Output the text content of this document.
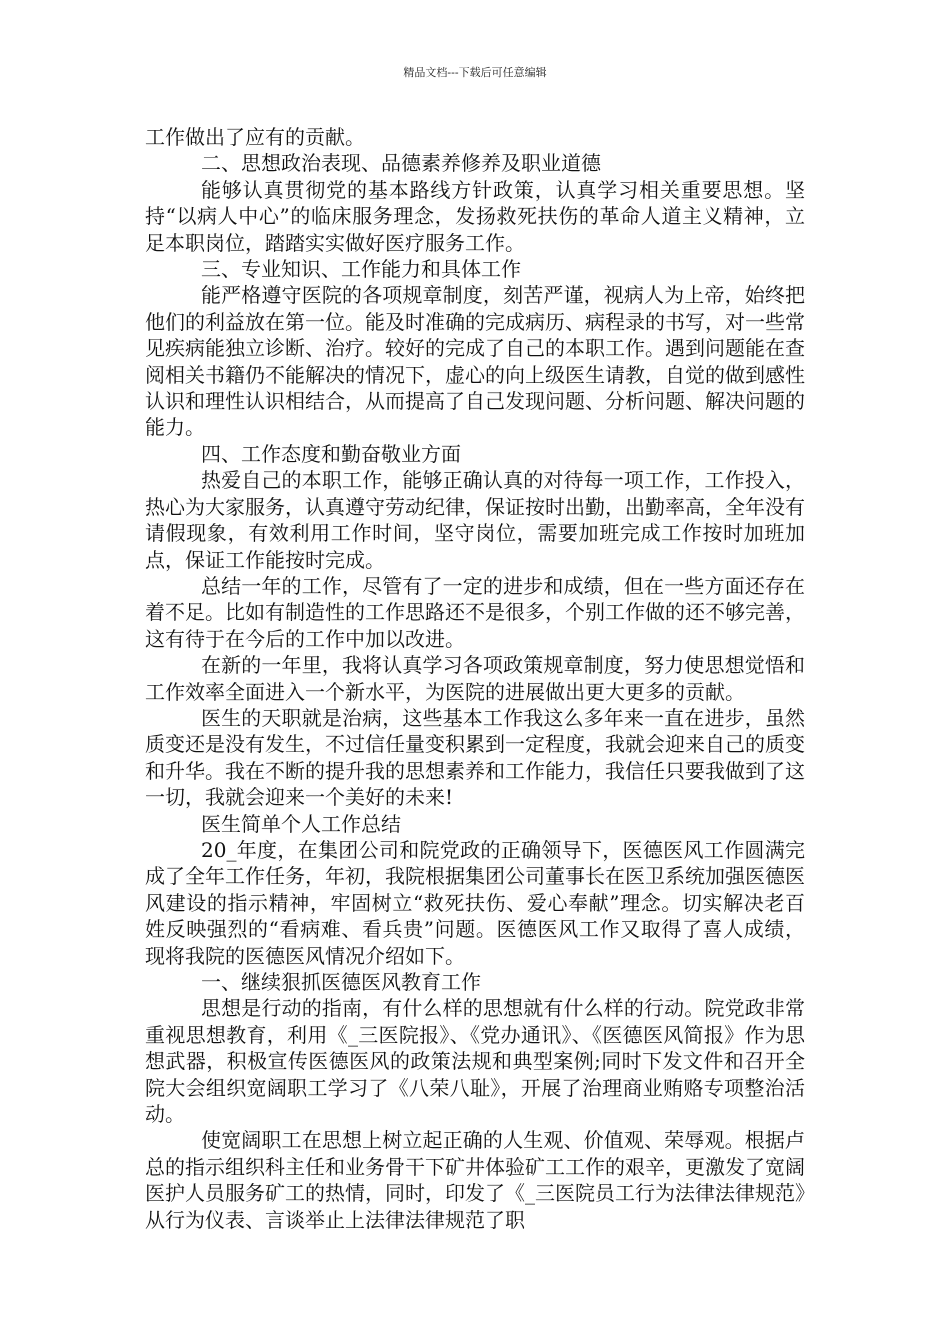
精品文档---下载后可任意编辑

工作做出了应有的贡献。

二、思想政治表现、品德素养修养及职业道德

能够认真贯彻党的基本路线方针政策，认真学习相关重要思想。坚持“以病人中心”的临床服务理念，发扬救死扶伤的革命人道主义精神，立足本职岗位，踏踏实实做好医疗服务工作。

三、专业知识、工作能力和具体工作

能严格遵守医院的各项规章制度，刻苦严谨，视病人为上帝，始终把他们的利益放在第一位。能及时准确的完成病历、病程录的书写，对一些常见疾病能独立诊断、治疗。较好的完成了自己的本职工作。遇到问题能在查阅相关书籍仍不能解决的情况下，虚心的向上级医生请教，自觉的做到感性认识和理性认识相结合，从而提高了自己发现问题、分析问题、解决问题的能力。

四、工作态度和勤奋敬业方面

热爱自己的本职工作，能够正确认真的对待每一项工作，工作投入，热心为大家服务，认真遵守劳动纪律，保证按时出勤，出勤率高，全年没有请假现象，有效利用工作时间，坚守岗位，需要加班完成工作按时加班加点，保证工作能按时完成。

总结一年的工作，尽管有了一定的进步和成绩，但在一些方面还存在着不足。比如有制造性的工作思路还不是很多，个别工作做的还不够完善，这有待于在今后的工作中加以改进。

在新的一年里，我将认真学习各项政策规章制度，努力使思想觉悟和工作效率全面进入一个新水平，为医院的进展做出更大更多的贡献。

医生的天职就是治病，这些基本工作我这么多年来一直在进步，虽然质变还是没有发生，不过信任量变积累到一定程度，我就会迎来自己的质变和升华。我在不断的提升我的思想素养和工作能力，我信任只要我做到了这一切，我就会迎来一个美好的未来!

医生简单个人工作总结

20_年度，在集团公司和院党政的正确领导下，医德医风工作圆满完成了全年工作任务，年初，我院根据集团公司董事长在医卫系统加强医德医风建设的指示精神，牢固树立“救死扶伤、爱心奉献”理念。切实解决老百姓反映强烈的“看病难、看兵贵”问题。医德医风工作又取得了喜人成绩，现将我院的医德医风情况介绍如下。

一、继续狠抓医德医风教育工作

思想是行动的指南，有什么样的思想就有什么样的行动。院党政非常重视思想教育，利用《_三医院报》、《党办通讯》、《医德医风简报》作为思想武器，积极宣传医德医风的政策法规和典型案例;同时下发文件和召开全院大会组织宽阔职工学习了《八荣八耻》，开展了治理商业贿赂专项整治活动。

使宽阔职工在思想上树立起正确的人生观、价值观、荣辱观。根据卢总的指示组织科主任和业务骨干下矿井体验矿工工作的艰辛，更激发了宽阔医护人员服务矿工的热情，同时，印发了《_三医院员工行为法律法律规范》从行为仪表、言谈举止上法律法律规范了职
